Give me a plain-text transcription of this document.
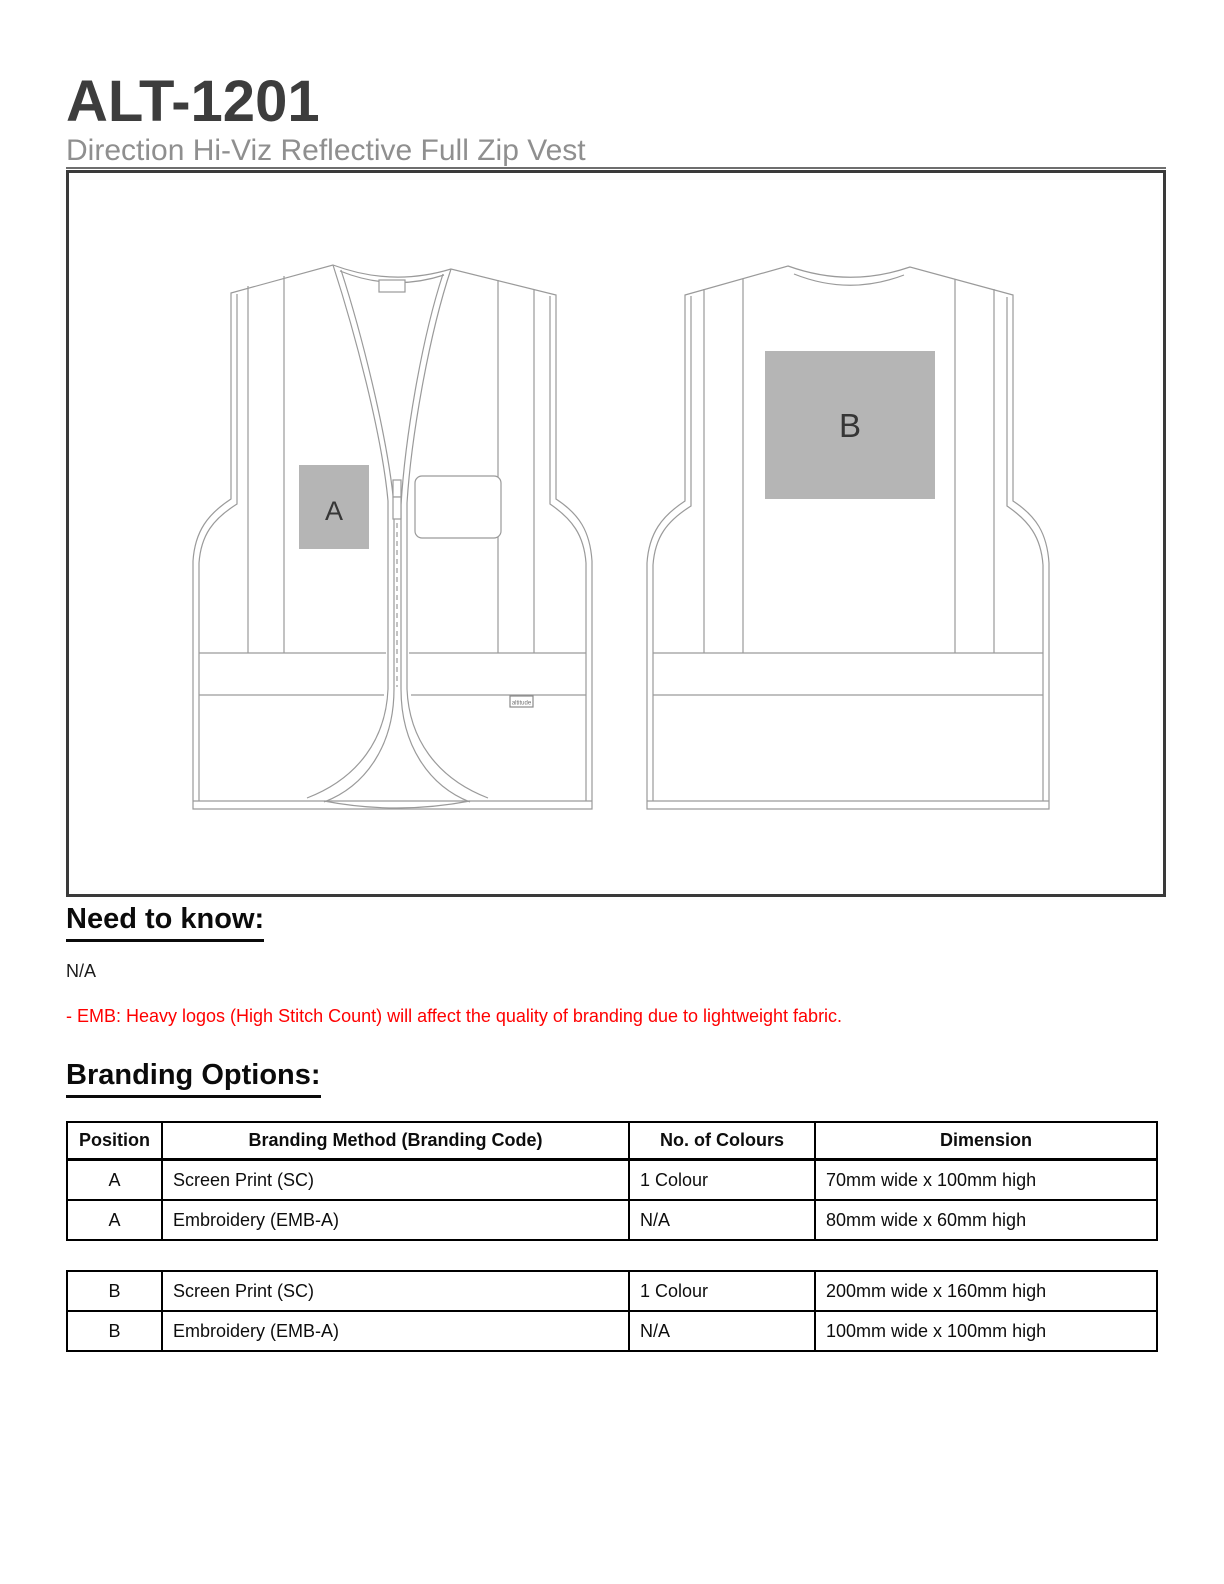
ALT-1201
Direction Hi-Viz Reflective Full Zip Vest
A
altitude
B
Need to know:

N/A

- EMB: Heavy logos (High Stitch Count) will affect the quality of branding due to lightweight fabric.

Branding Options:
Position	Branding Method (Branding Code)	No. of Colours	Dimension
A	Screen Print (SC)	1 Colour	70mm wide x 100mm high
A	Embroidery (EMB-A)	N/A	80mm wide x 60mm high
B	Screen Print (SC)	1 Colour	200mm wide x 160mm high
B	Embroidery (EMB-A)	N/A	100mm wide x 100mm high
